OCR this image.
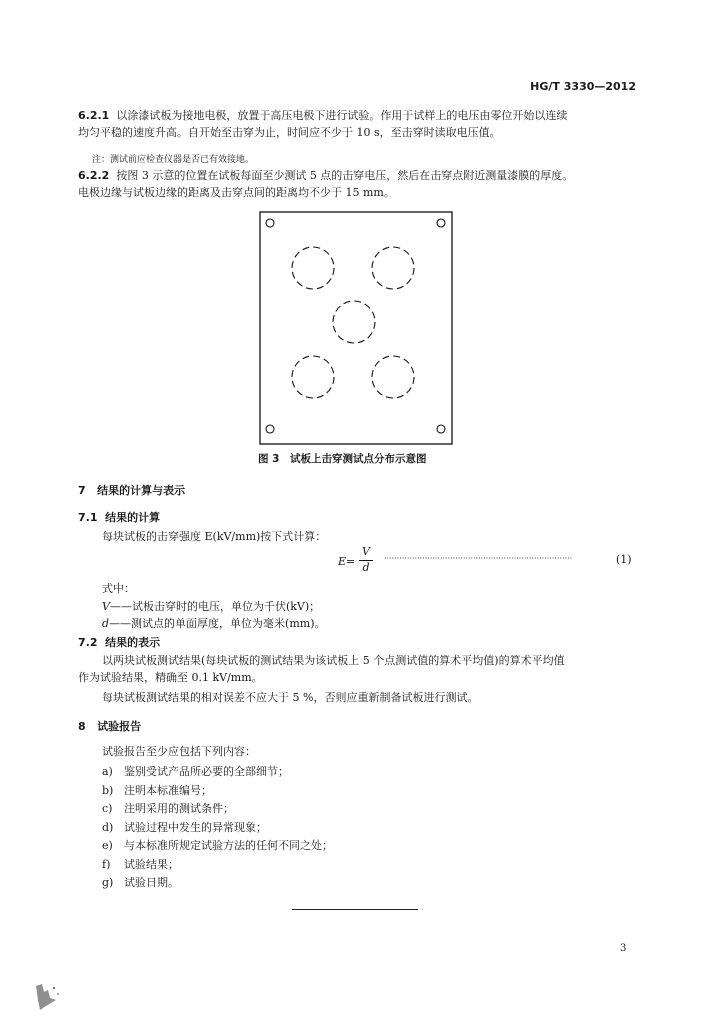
HG/T 3330—2012
6.2.1 以涂漆试板为接地电极，放置于高压电极下进行试验。作用于试样上的电压由零位开始以连续
均匀平稳的速度升高。自开始至击穿为止，时间应不少于 10 s，至击穿时读取电压值。
注：测试前应检查仪器是否已有效接地。
6.2.2 按图 3 示意的位置在试板每面至少测试 5 点的击穿电压，然后在击穿点附近测量漆膜的厚度。
电极边缘与试板边缘的距离及击穿点间的距离均不少于 15 mm。
图 3　试板上击穿测试点分布示意图
7 结果的计算与表示
7.1 结果的计算
每块试板的击穿强度 E(kV/mm)按下式计算：
E=
V
d
··········································································	(1)
式中：
V——试板击穿时的电压，单位为千伏(kV)；
d——测试点的单面厚度，单位为毫米(mm)。
7.2 结果的表示
以两块试板测试结果(每块试板的测试结果为该试板上 5 个点测试值的算术平均值)的算术平均值
作为试验结果，精确至 0.1 kV/mm。
每块试板测试结果的相对误差不应大于 5 %，否则应重新制备试板进行测试。
8 试验报告
试验报告至少应包括下列内容：
a) 鉴别受试产品所必要的全部细节；
b) 注明本标准编号；
c) 注明采用的测试条件；
d) 试验过程中发生的异常现象；
e) 与本标准所规定试验方法的任何不同之处；
f) 试验结果；
g) 试验日期。
3
